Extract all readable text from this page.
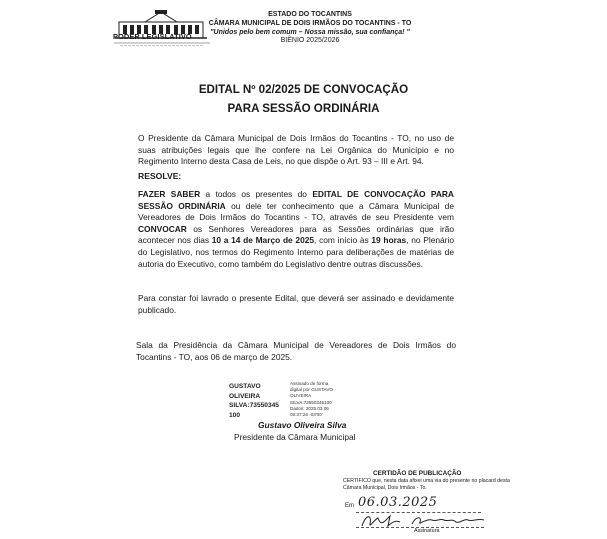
PODER LEGISLATIVO
ESTADO DO TOCANTINS
CÂMARA MUNICIPAL DE DOIS IRMÃOS DO TOCANTINS - TO
"Unidos pelo bem comum – Nossa missão, sua confiança! "
BIÊNIO 2025/2026
EDITAL Nº 02/2025 DE CONVOCAÇÃO
PARA SESSÃO ORDINÁRIA
O Presidente da Câmara Municipal de Dois Irmãos do Tocantins - TO, no uso de suas atribuições legais que lhe confere na Lei Orgânica do Município e no Regimento Interno desta Casa de Leis, no que dispõe o Art. 93 – III e Art. 94.
RESOLVE:
FAZER SABER a todos os presentes do EDITAL DE CONVOCAÇÃO PARA SESSÃO ORDINÁRIA ou dele ter conhecimento que a Câmara Municipal de Vereadores de Dois Irmãos do Tocantins - TO, através de seu Presidente vem CONVOCAR os Senhores Vereadores para as Sessões ordinárias que irão acontecer nos dias 10 a 14 de Março de 2025, com início às 19 horas, no Plenário do Legislativo, nos termos do Regimento Interno para deliberações de matérias de autoria do Executivo, como também do Legislativo dentre outras discussões.
Para constar foi lavrado o presente Edital, que deverá ser assinado e devidamente publicado.
Sala da Presidência da Câmara Municipal de Vereadores de Dois Irmãos do Tocantins - TO, aos 06 de março de 2025.
GUSTAVO
OLIVEIRA
SILVA:73550345
100
Assinado de forma
digital por GUSTAVO
OLIVEIRA
SILVA:73550345100
Dados: 2025.03.06
08:37:26 -03'00'
Gustavo Oliveira Silva
Presidente da Câmara Municipal
CERTIDÃO DE PUBLICAÇÃO
CERTIFICO que, nesta data afixei uma via do presente no placard desta Câmara Municipal, Dois Irmãos - To.
Em 06.03.2025
Assinatura
